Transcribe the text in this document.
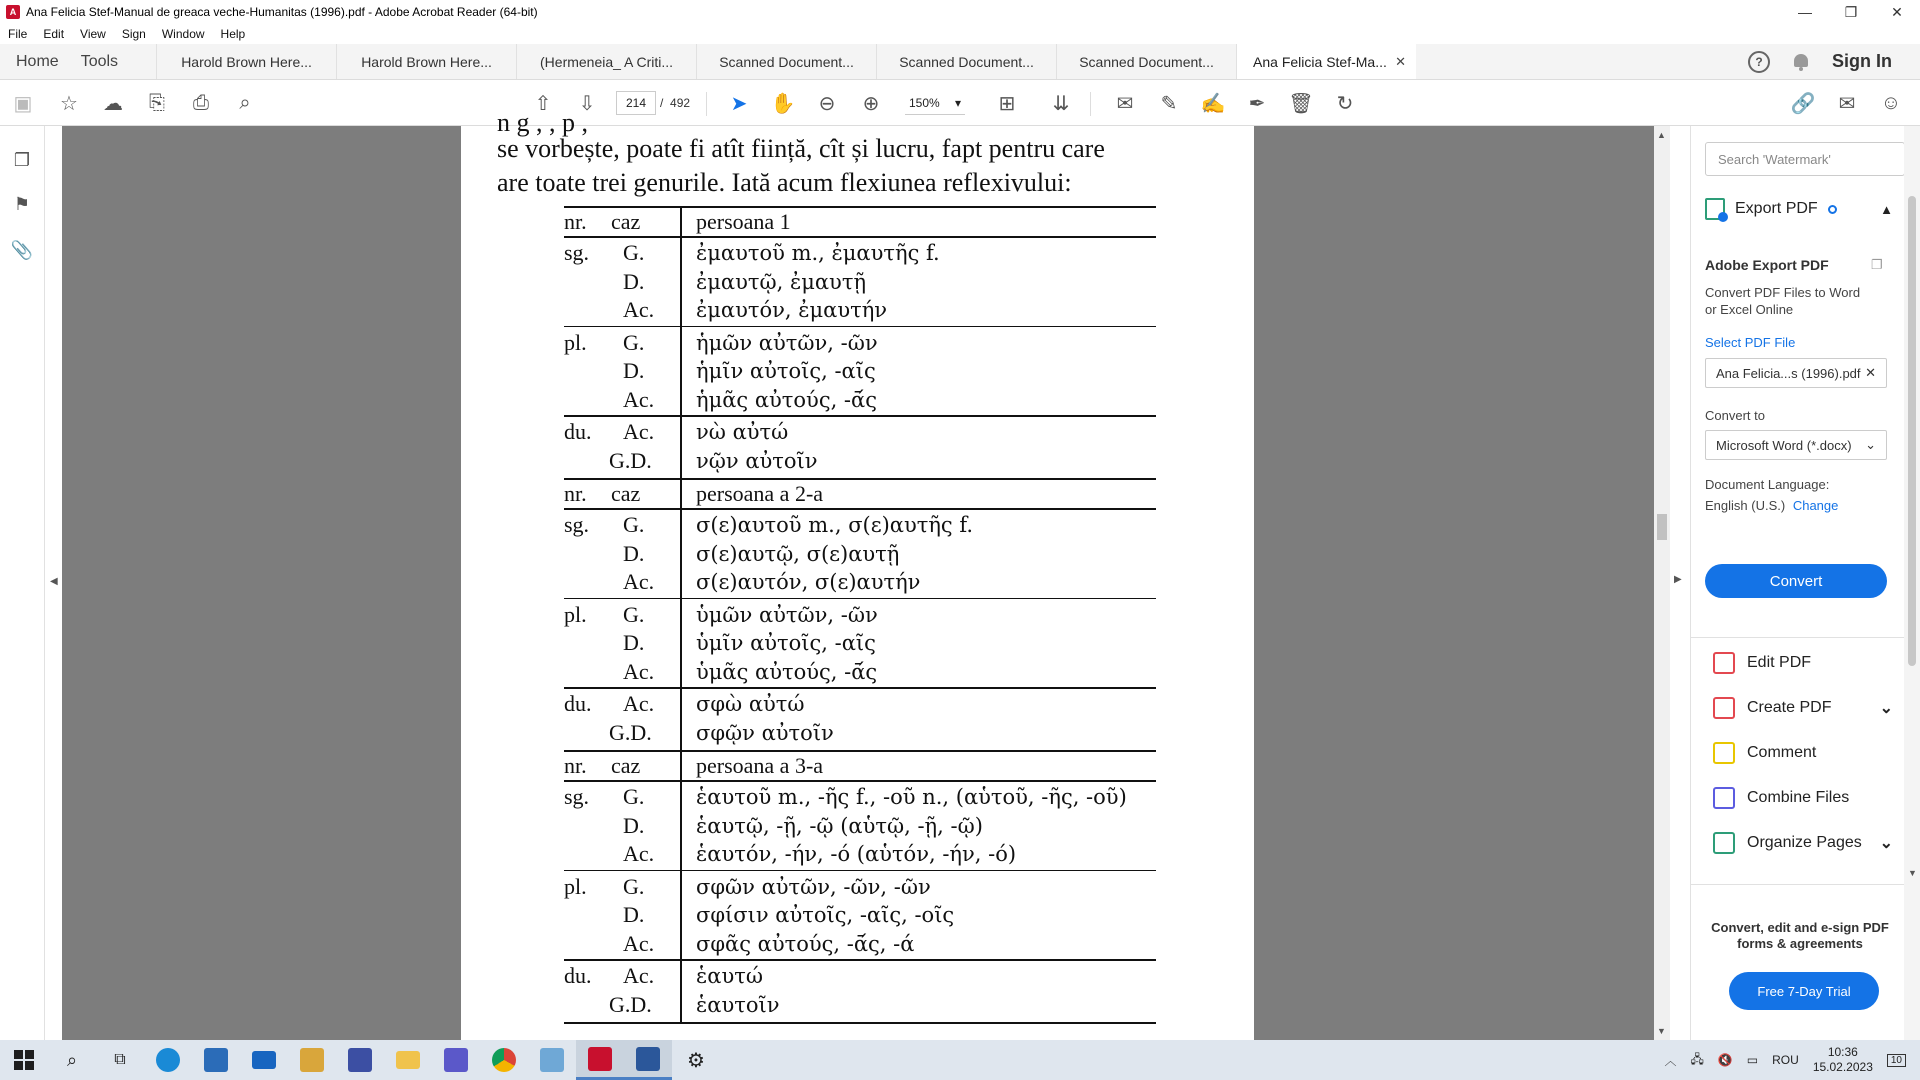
A Ana Felicia Stef-Manual de greaca veche-Humanitas (1996).pdf - Adobe Acrobat Reader (64-bit)	—	❐	✕
File	Edit	View	Sign	Window	Help
Home	Tools	Harold Brown Here...	Harold Brown Here...	(Hermeneia_ A Criti...	Scanned Document...	Scanned Document...	Scanned Document...	Ana Felicia Stef-Ma... ✕	?	Sign In
▣	☆	☁	⎘	⎙	⌕	⇧	⇩	214	/ 492	➤	✋	⊖	⊕	150% ▾	⊞	⇊	✉	✎	✍	✒	🗑	↻	🔗	✉	☺
❐
⚑
📎
◀
n g , , p ,
se vorbește, poate fi atît ființă, cît și lucru, fapt pentru care
are toate trei genurile. Iată acum flexiunea reflexivului:
nr. caz	persoana 1
sg. G. ἐμαυτοῦ m., ἐμαυτῆς f.
D. ἐμαυτῷ, ἐμαυτῇ
Ac. ἐμαυτόν, ἐμαυτήν
pl. G. ἡμῶν αὐτῶν, -ῶν
D. ἡμῖν αὐτοῖς, -αῖς
Ac. ἡμᾶς αὐτούς, -ᾱ́ς
du. Ac. νὼ αὐτώ
G.D. νῷν αὐτοῖν
nr. caz	persoana a 2-a
sg. G. σ(ε)αυτοῦ m., σ(ε)αυτῆς f.
D. σ(ε)αυτῷ, σ(ε)αυτῇ
Ac. σ(ε)αυτόν, σ(ε)αυτήν
pl. G. ὑμῶν αὐτῶν, -ῶν
D. ὑμῖν αὐτοῖς, -αῖς
Ac. ὑμᾶς αὐτούς, -ᾱ́ς
du. Ac. σφὼ αὐτώ
G.D. σφῷν αὐτοῖν
nr. caz	persoana a 3-a
sg. G. ἑαυτοῦ m., -ῆς f., -οῦ n., (αὑτοῦ, -ῆς, -οῦ)
D. ἑαυτῷ, -ῇ, -ῷ (αὑτῷ, -ῇ, -ῷ)
Ac. ἑαυτόν, -ήν, -ό (αὑτόν, -ήν, -ό)
pl. G. σφῶν αὐτῶν, -ῶν, -ῶν
D. σφίσιν αὐτοῖς, -αῖς, -οῖς
Ac. σφᾶς αὐτούς, -ᾱ́ς, -ά
du. Ac. ἑαυτώ
G.D. ἑαυτοῖν
▲
▼
▶
Search 'Watermark'
Export PDF	▲
Adobe Export PDF	❐
Convert PDF Files to Word
or Excel Online
Select PDF File
Ana Felicia...s (1996).pdf ✕
Convert to
Microsoft Word (*.docx) ⌄
Document Language:
English (U.S.) Change
Convert
Convert, edit and e-sign PDF
forms & agreements
Free 7-Day Trial
Edit PDF
Create PDF	⌄
Comment
Combine Files
Organize Pages ⌄
▼
⌕ ⧉	⚙	︿ 🖧 🔇 ▭ ROU
10:36
15.02.2023	10
